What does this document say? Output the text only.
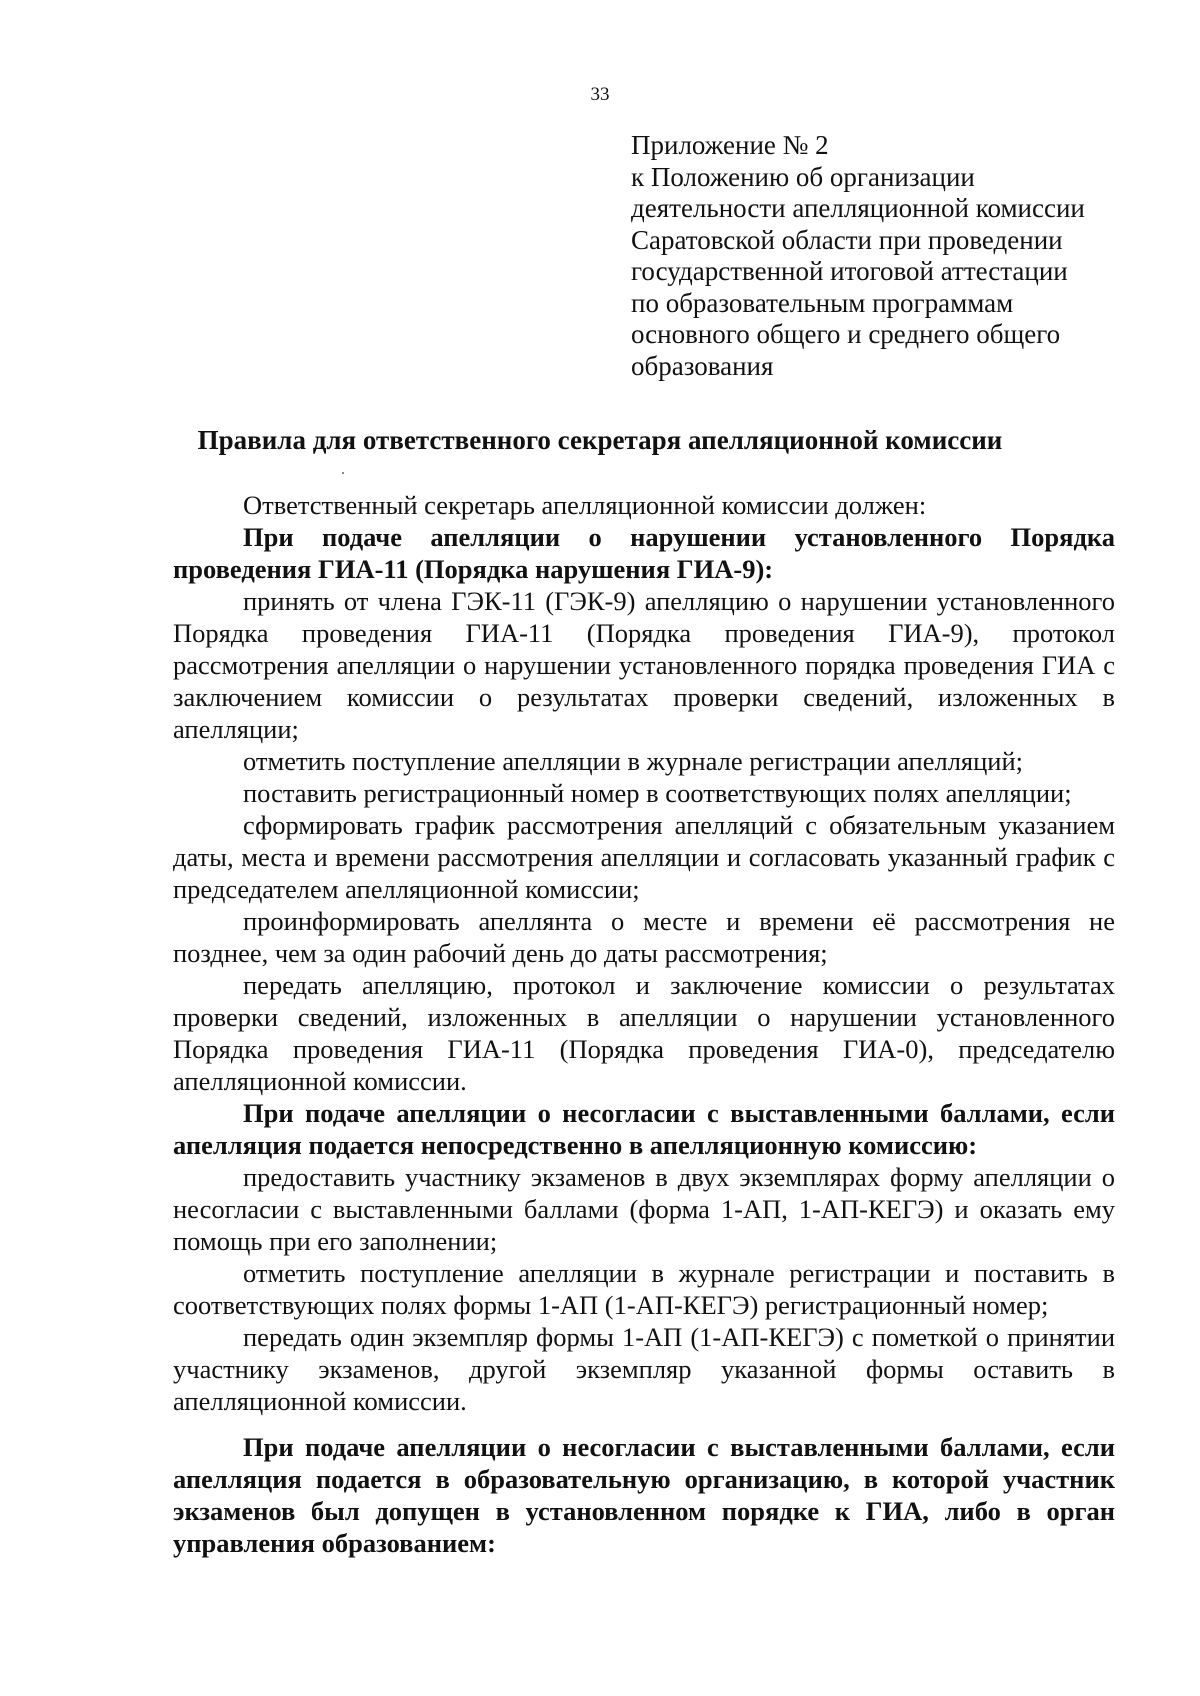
33
Приложение № 2
к Положению об организации
деятельности апелляционной комиссии
Саратовской области при проведении
государственной итоговой аттестации
по образовательным программам
основного общего и среднего общего
образования
Правила для ответственного секретаря апелляционной комиссии

Ответственный секретарь апелляционной комиссии должен:

При подаче апелляции о нарушении установленного Порядка проведения ГИА-11 (Порядка нарушения ГИА-9):

принять от члена ГЭК-11 (ГЭК-9) апелляцию о нарушении установленного Порядка проведения ГИА-11 (Порядка проведения ГИА-9), протокол рассмотрения апелляции о нарушении установленного порядка проведения ГИА с заключением комиссии о результатах проверки сведений, изложенных в апелляции;

отметить поступление апелляции в журнале регистрации апелляций;

поставить регистрационный номер в соответствующих полях апелляции;

сформировать график рассмотрения апелляций с обязательным указанием даты, места и времени рассмотрения апелляции и согласовать указанный график с председателем апелляционной комиссии;

проинформировать апеллянта о месте и времени её рассмотрения не позднее, чем за один рабочий день до даты рассмотрения;

передать апелляцию, протокол и заключение комиссии о результатах проверки сведений, изложенных в апелляции о нарушении установленного Порядка проведения ГИА-11 (Порядка проведения ГИА-0), председателю апелляционной комиссии.

При подаче апелляции о несогласии с выставленными баллами, если апелляция подается непосредственно в апелляционную комиссию:

предоставить участнику экзаменов в двух экземплярах форму апелляции о несогласии с выставленными баллами (форма 1-АП, 1-АП-КЕГЭ) и оказать ему помощь при его заполнении;

отметить поступление апелляции в журнале регистрации и поставить в соответствующих полях формы 1-АП (1-АП-КЕГЭ) регистрационный номер;

передать один экземпляр формы 1-АП (1-АП-КЕГЭ) с пометкой о принятии участнику экзаменов, другой экземпляр указанной формы оставить в апелляционной комиссии.

При подаче апелляции о несогласии с выставленными баллами, если апелляция подается в образовательную организацию, в которой участник экзаменов был допущен в установленном порядке к ГИА, либо в орган управления образованием:
